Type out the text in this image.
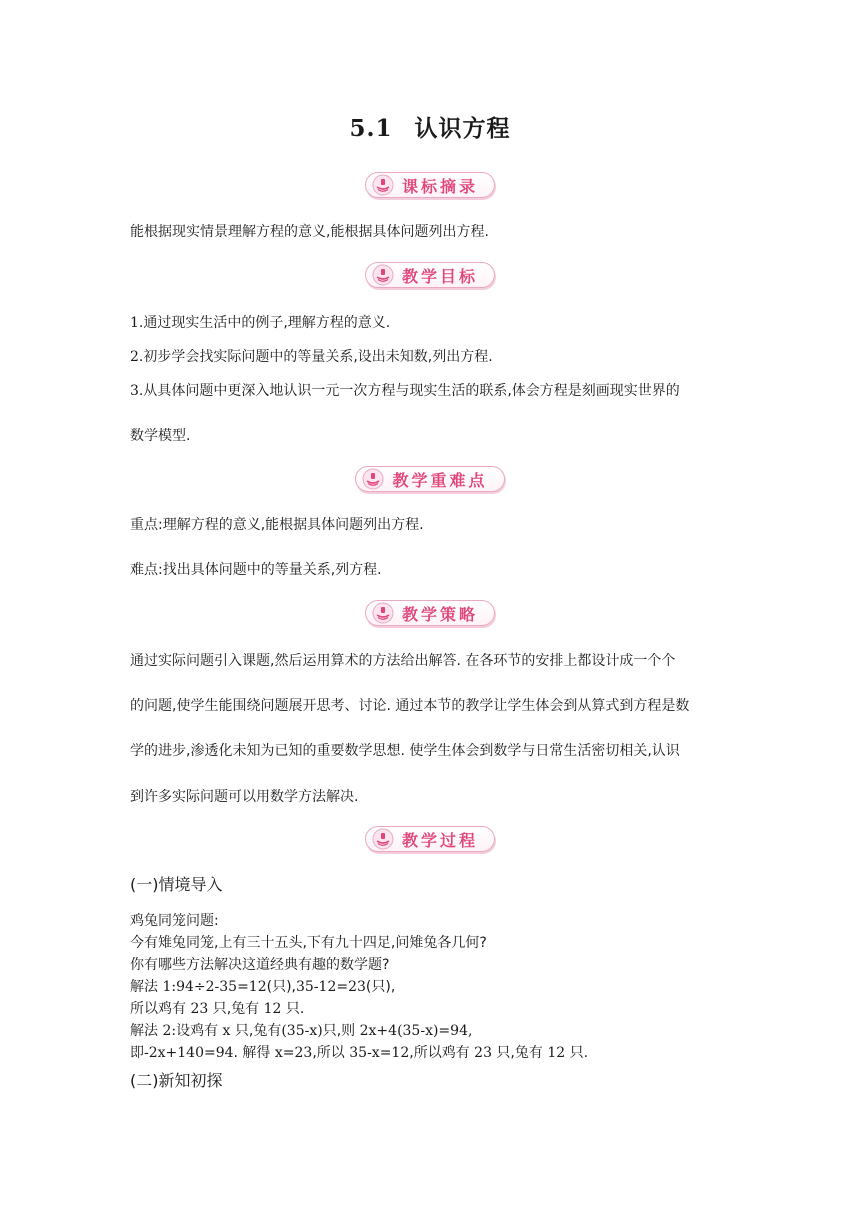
5.1 认识方程
课标摘录

能根据现实情景理解方程的意义,能根据具体问题列出方程.

教学目标

1.通过现实生活中的例子,理解方程的意义.

2.初步学会找实际问题中的等量关系,设出未知数,列出方程.

3.从具体问题中更深入地认识一元一次方程与现实生活的联系,体会方程是刻画现实世界的

数学模型.

教学重难点

重点:理解方程的意义,能根据具体问题列出方程.

难点:找出具体问题中的等量关系,列方程.

教学策略

通过实际问题引入课题,然后运用算术的方法给出解答. 在各环节的安排上都设计成一个个

的问题,使学生能围绕问题展开思考、讨论. 通过本节的教学让学生体会到从算式到方程是数

学的进步,渗透化未知为已知的重要数学思想. 使学生体会到数学与日常生活密切相关,认识

到许多实际问题可以用数学方法解决.

教学过程
(一)情境导入

鸡兔同笼问题:

今有雉兔同笼,上有三十五头,下有九十四足,问雉兔各几何?

你有哪些方法解决这道经典有趣的数学题?

解法 1:94÷2-35=12(只),35-12=23(只),

所以鸡有 23 只,兔有 12 只.

解法 2:设鸡有 x 只,兔有(35-x)只,则 2x+4(35-x)=94,

即-2x+140=94. 解得 x=23,所以 35-x=12,所以鸡有 23 只,兔有 12 只.

(二)新知初探
